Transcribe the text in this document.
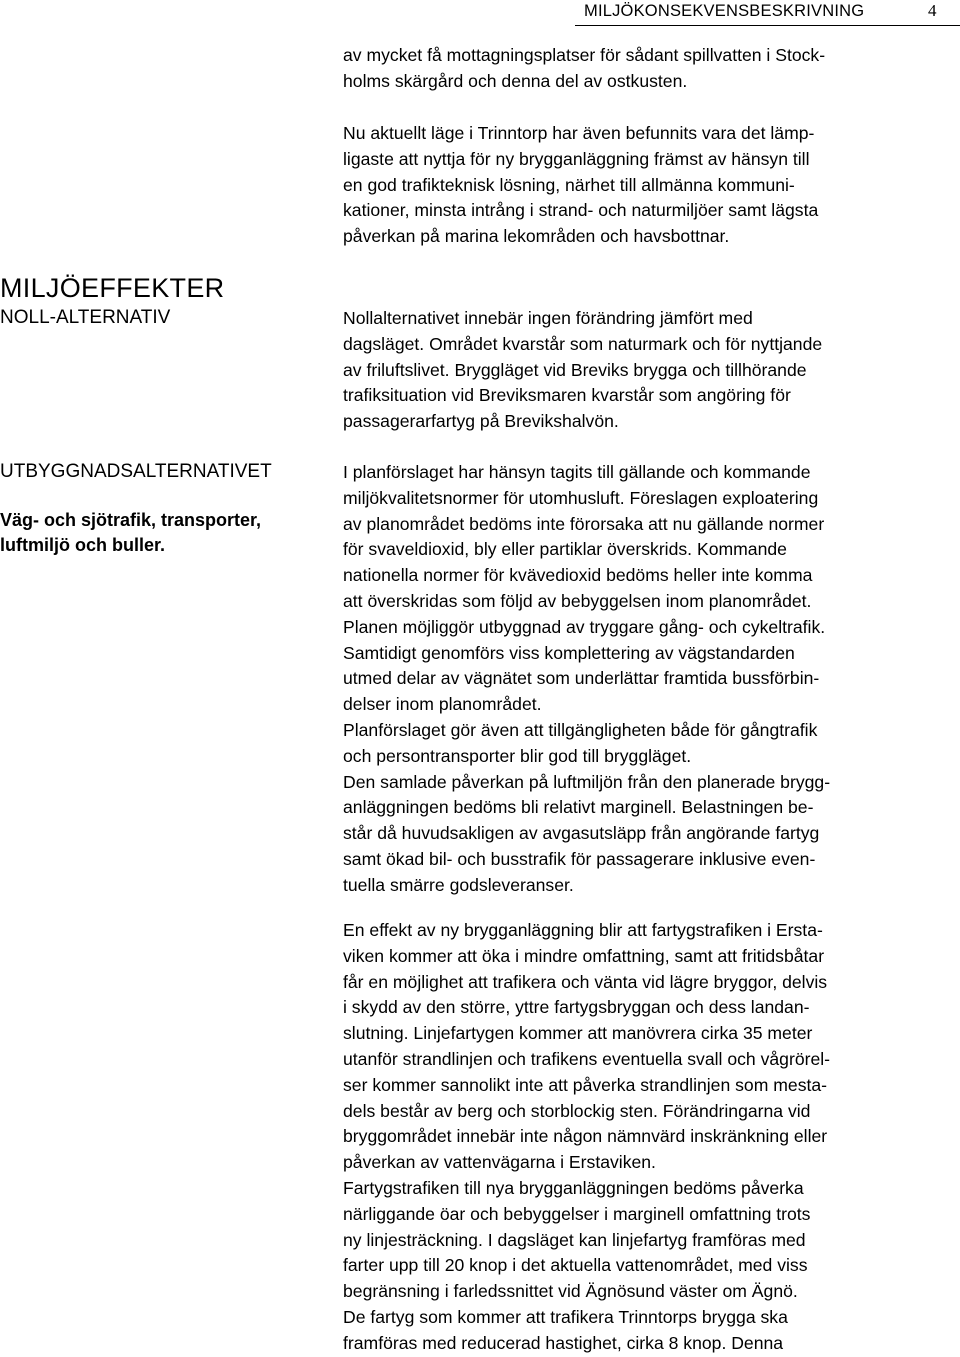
MILJÖKONSEKVENSBESKRIVNING	4
MILJÖEFFEKTER
NOLL-ALTERNATIV
UTBYGGNADSALTERNATIVET
Väg- och sjötrafik, transporter,
luftmiljö och buller.
av mycket få mottagningsplatser för sådant spillvatten i Stock-
holms skärgård och denna del av ostkusten.
Nu aktuellt läge i Trinntorp har även befunnits vara det lämp-
ligaste att nyttja för ny brygganläggning främst av hänsyn till
en god trafikteknisk lösning, närhet till allmänna kommuni-
kationer, minsta intrång i strand- och naturmiljöer samt lägsta
påverkan på marina lekområden och havsbottnar.
Nollalternativet innebär ingen förändring jämfört med
dagsläget. Området kvarstår som naturmark och för nyttjande
av friluftslivet. Bryggläget vid Breviks brygga och tillhörande
trafiksituation vid Breviksmaren kvarstår som angöring för
passagerarfartyg på Brevikshalvön.
I planförslaget har hänsyn tagits till gällande och kommande
miljökvalitetsnormer för utomhusluft. Föreslagen exploatering
av planområdet bedöms inte förorsaka att nu gällande normer
för svaveldioxid, bly eller partiklar överskrids. Kommande
nationella normer för kvävedioxid bedöms heller inte komma
att överskridas som följd av bebyggelsen inom planområdet.
Planen möjliggör utbyggnad av tryggare gång- och cykeltrafik.
Samtidigt genomförs viss komplettering av vägstandarden
utmed delar av vägnätet som underlättar framtida bussförbin-
delser inom planområdet.
Planförslaget gör även att tillgängligheten både för gångtrafik
och persontransporter blir god till bryggläget.
Den samlade påverkan på luftmiljön från den planerade brygg-
anläggningen bedöms bli relativt marginell. Belastningen be-
står då huvudsakligen av avgasutsläpp från angörande fartyg
samt ökad bil- och busstrafik för passagerare inklusive even-
tuella smärre godsleveranser.
En effekt av ny brygganläggning blir att fartygstrafiken i Ersta-
viken kommer att öka i mindre omfattning, samt att fritidsbåtar
får en möjlighet att trafikera och vänta vid lägre bryggor, delvis
i skydd av den större, yttre fartygsbryggan och dess landan-
slutning. Linjefartygen kommer att manövrera cirka 35 meter
utanför strandlinjen och trafikens eventuella svall och vågrörel-
ser kommer sannolikt inte att påverka strandlinjen som mesta-
dels består av berg och storblockig sten. Förändringarna vid
bryggområdet innebär inte någon nämnvärd inskränkning eller
påverkan av vattenvägarna i Erstaviken.
Fartygstrafiken till nya brygganläggningen bedöms påverka
närliggande öar och bebyggelser i marginell omfattning trots
ny linjesträckning. I dagsläget kan linjefartyg framföras med
farter upp till 20 knop i det aktuella vattenområdet, med viss
begränsning i farledssnittet vid Ägnösund väster om Ägnö.
De fartyg som kommer att trafikera Trinntorps brygga ska
framföras med reducerad hastighet, cirka 8 knop. Denna
